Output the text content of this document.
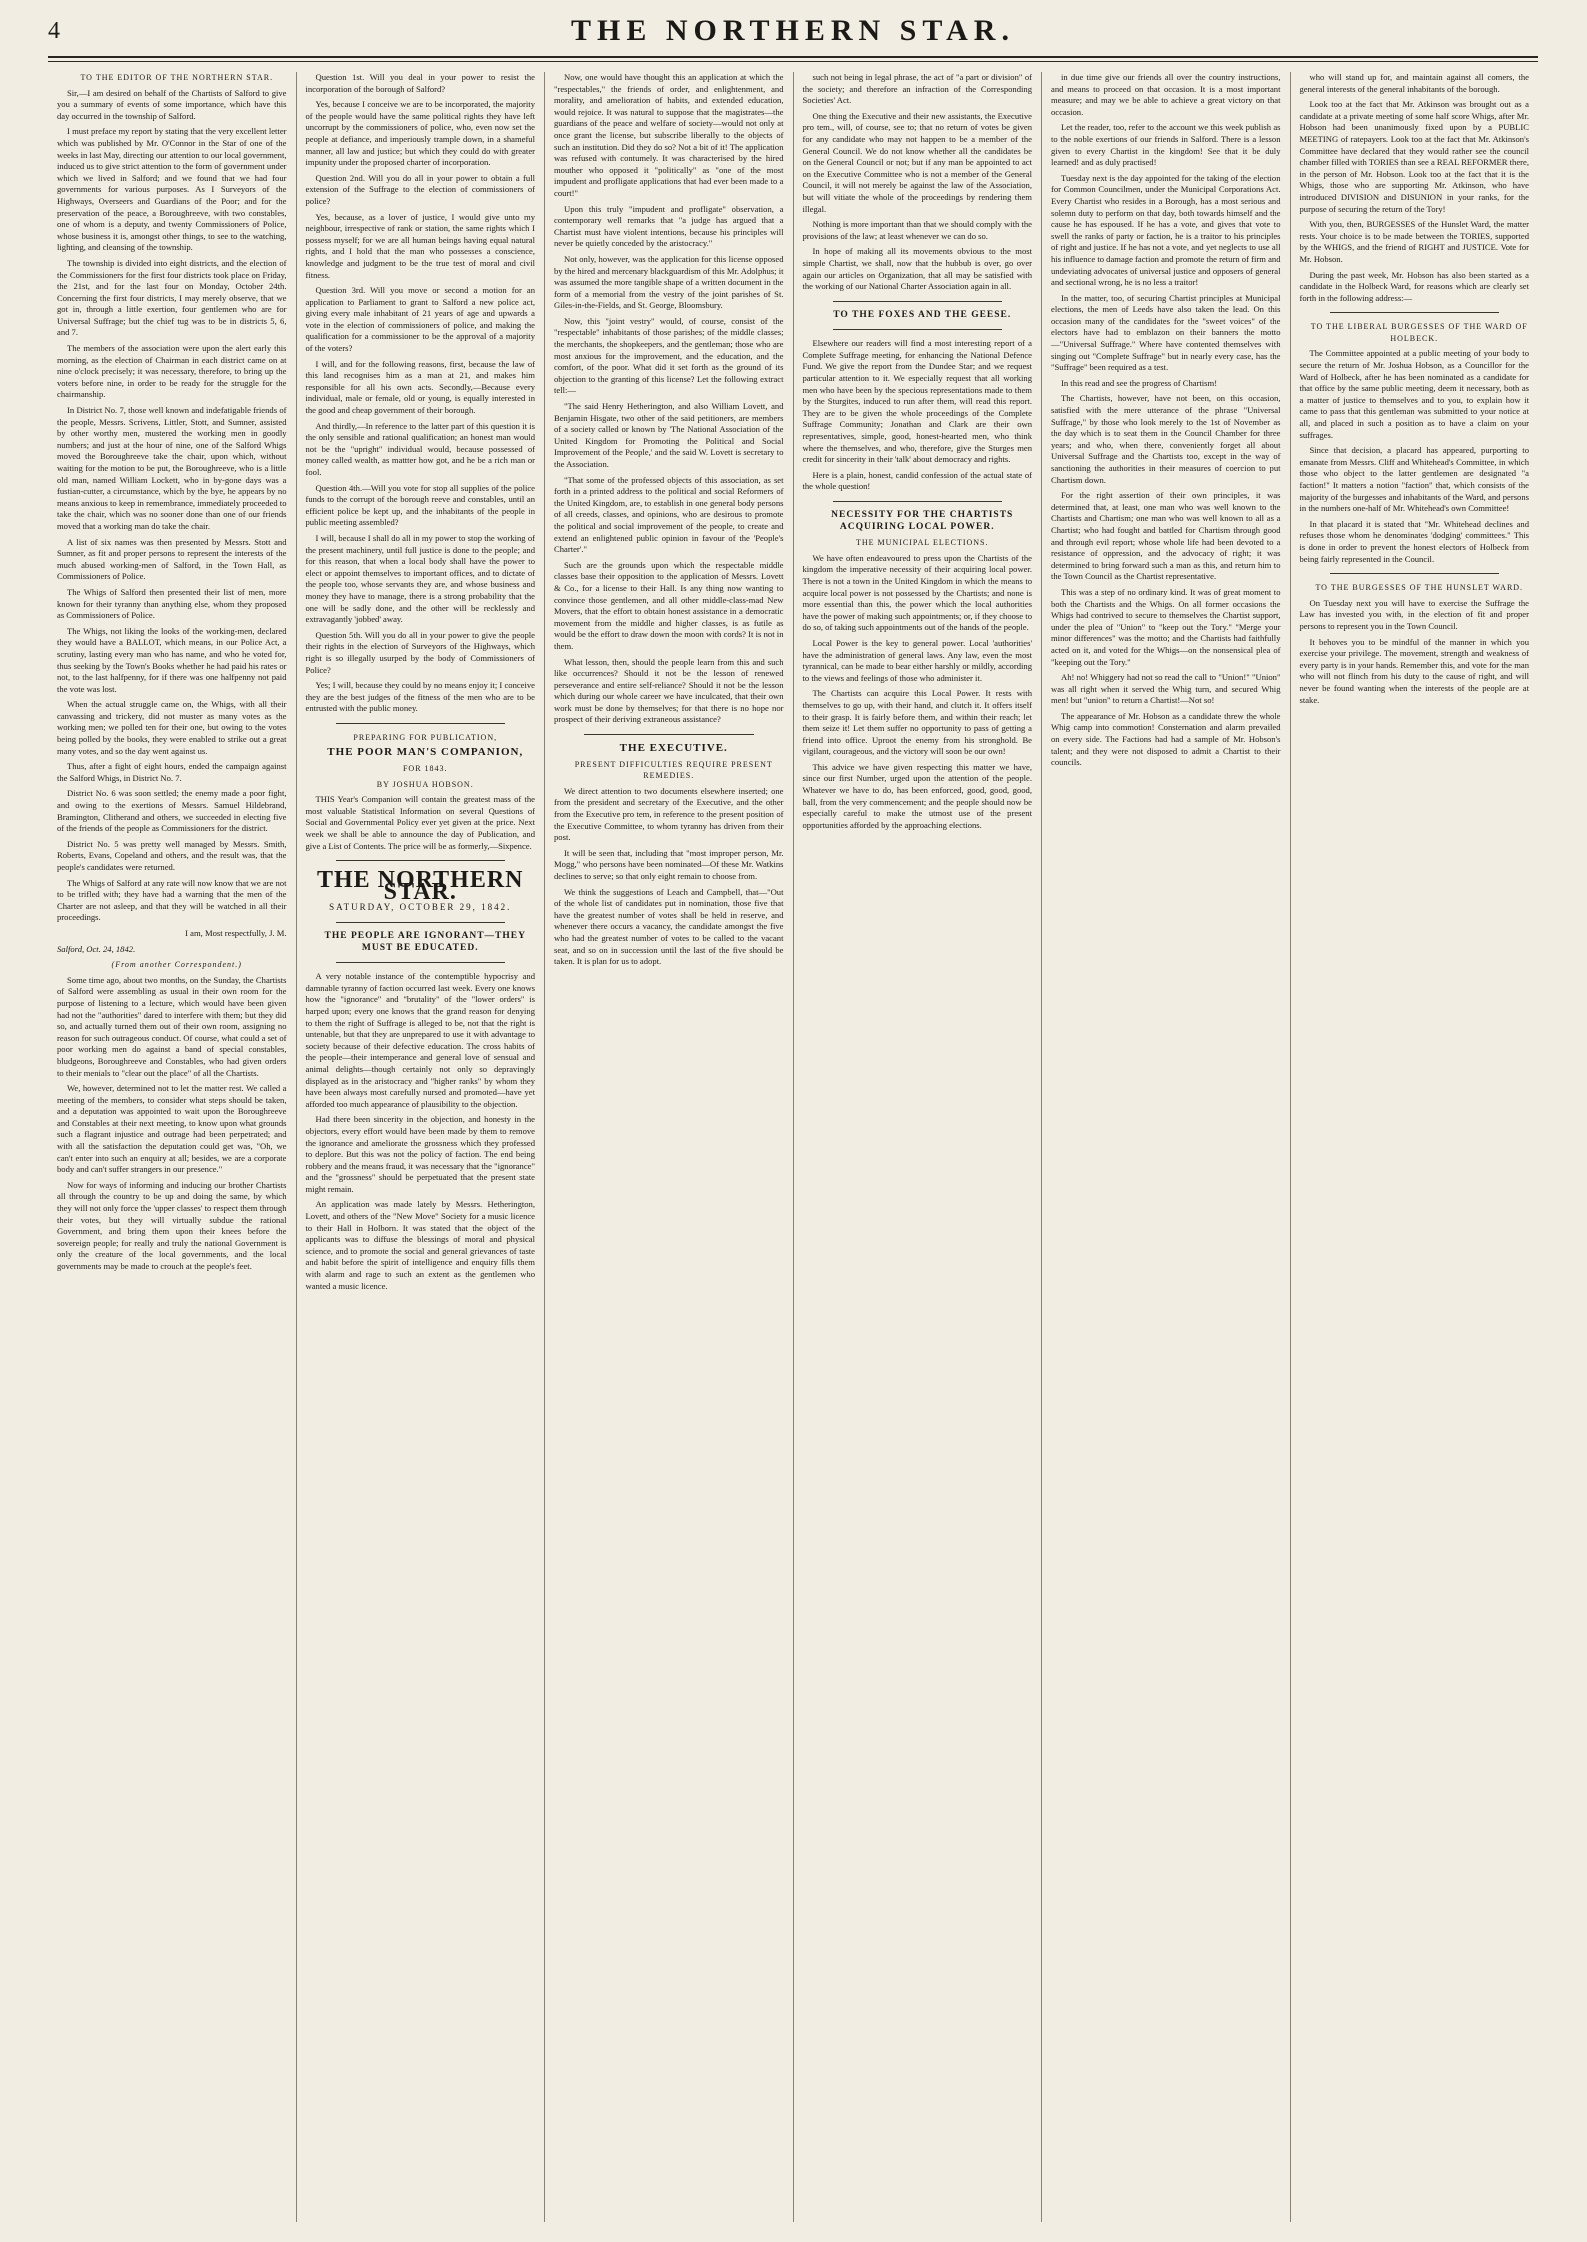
4	THE NORTHERN STAR.

TO THE EDITOR OF THE NORTHERN STAR.

Sir,—I am desired on behalf of the Chartists of Salford to give you a summary of events of some importance, which have this day occurred in the township of Salford.

I must preface my report by stating that the very excellent letter which was published by Mr. O'Connor in the Star of one of the weeks in last May, directing our attention to our local government, induced us to give strict attention to the form of government under which we lived in Salford; and we found that we had four governments for various purposes. As I Surveyors of the Highways, Overseers and Guardians of the Poor; and for the preservation of the peace, a Boroughreeve, with two constables, one of whom is a deputy, and twenty Commissioners of Police, whose business it is, amongst other things, to see to the watching, lighting, and cleansing of the township.

The township is divided into eight districts, and the election of the Commissioners for the first four districts took place on Friday, the 21st, and for the last four on Monday, October 24th. Concerning the first four districts, I may merely observe, that we got in, through a little exertion, four gentlemen who are for Universal Suffrage; but the chief tug was to be in districts 5, 6, and 7.

The members of the association were upon the alert early this morning, as the election of Chairman in each district came on at nine o'clock precisely; it was necessary, therefore, to bring up the voters before nine, in order to be ready for the struggle for the chairmanship.

In District No. 7, those well known and indefatigable friends of the people, Messrs. Scrivens, Littler, Stott, and Sumner, assisted by other worthy men, mustered the working men in goodly numbers; and just at the hour of nine, one of the Salford Whigs moved the Boroughreeve take the chair, upon which, without waiting for the motion to be put, the Boroughreeve, who is a little old man, named William Lockett, who in by-gone days was a fustian-cutter, a circumstance, which by the bye, he appears by no means anxious to keep in remembrance, immediately proceeded to take the chair, which was no sooner done than one of our friends moved that a working man do take the chair.

A list of six names was then presented by Messrs. Stott and Sumner, as fit and proper persons to represent the interests of the much abused working-men of Salford, in the Town Hall, as Commissioners of Police.

The Whigs of Salford then presented their list of men, more known for their tyranny than anything else, whom they proposed as Commissioners of Police.

The Whigs, not liking the looks of the working-men, declared they would have a BALLOT, which means, in our Police Act, a scrutiny, lasting every man who has name, and who he voted for, thus seeking by the Town's Books whether he had paid his rates or not, to the last halfpenny, for if there was one halfpenny not paid the vote was lost.

When the actual struggle came on, the Whigs, with all their canvassing and trickery, did not muster as many votes as the working men; we polled ten for their one, but owing to the votes being polled by the books, they were enabled to strike out a great many votes, and so the day went against us.

Thus, after a fight of eight hours, ended the campaign against the Salford Whigs, in District No. 7.

District No. 6 was soon settled; the enemy made a poor fight, and owing to the exertions of Messrs. Samuel Hildebrand, Bramington, Clitherand and others, we succeeded in electing five of the friends of the people as Commissioners for the district.

District No. 5 was pretty well managed by Messrs. Smith, Roberts, Evans, Copeland and others, and the result was, that the people's candidates were returned.

The Whigs of Salford at any rate will now know that we are not to be trifled with; they have had a warning that the men of the Charter are not asleep, and that they will be watched in all their proceedings.

I am, Most respectfully, J. M.

Salford, Oct. 24, 1842.

(From another Correspondent.)

Some time ago, about two months, on the Sunday, the Chartists of Salford were assembling as usual in their own room for the purpose of listening to a lecture, which would have been given had not the "authorities" dared to interfere with them; but they did so, and actually turned them out of their own room, assigning no reason for such outrageous conduct. Of course, what could a set of poor working men do against a band of special constables, bludgeons, Boroughreeve and Constables, who had given orders to their menials to "clear out the place" of all the Chartists.

We, however, determined not to let the matter rest. We called a meeting of the members, to consider what steps should be taken, and a deputation was appointed to wait upon the Boroughreeve and Constables at their next meeting, to know upon what grounds such a flagrant injustice and outrage had been perpetrated; and with all the satisfaction the deputation could get was, "Oh, we can't enter into such an enquiry at all; besides, we are a corporate body and can't suffer strangers in our presence."

Now for ways of informing and inducing our brother Chartists all through the country to be up and doing the same, by which they will not only force the 'upper classes' to respect them through their votes, but they will virtually subdue the rational Government, and bring them upon their knees before the sovereign people; for really and truly the national Government is only the creature of the local governments, and the local governments may be made to crouch at the people's feet.

Question 1st. Will you deal in your power to resist the incorporation of the borough of Salford?

Yes, because I conceive we are to be incorporated, the majority of the people would have the same political rights they have left uncorrupt by the commissioners of police, who, even now set the people at defiance, and imperiously trample down, in a shameful manner, all law and justice; but which they could do with greater impunity under the proposed charter of incorporation.

Question 2nd. Will you do all in your power to obtain a full extension of the Suffrage to the election of commissioners of police?

Yes, because, as a lover of justice, I would give unto my neighbour, irrespective of rank or station, the same rights which I possess myself; for we are all human beings having equal natural rights, and I hold that the man who possesses a conscience, knowledge and judgment to be the true test of moral and civil fitness.

Question 3rd. Will you move or second a motion for an application to Parliament to grant to Salford a new police act, giving every male inhabitant of 21 years of age and upwards a vote in the election of commissioners of police, and making the qualification for a commissioner to be the approval of a majority of the voters?

I will, and for the following reasons, first, because the law of this land recognises him as a man at 21, and makes him responsible for all his own acts. Secondly,—Because every individual, male or female, old or young, is equally interested in the good and cheap government of their borough.

And thirdly,—In reference to the latter part of this question it is the only sensible and rational qualification; an honest man would not be the "upright" individual would, because possessed of money called wealth, as mattter how got, and he be a rich man or fool.

Question 4th.—Will you vote for stop all supplies of the police funds to the corrupt of the borough reeve and constables, until an efficient police be kept up, and the inhabitants of the people in public meeting assembled?

I will, because I shall do all in my power to stop the working of the present machinery, until full justice is done to the people; and for this reason, that when a local body shall have the power to elect or appoint themselves to important offices, and to dictate of the people too, whose servants they are, and whose business and money they have to manage, there is a strong probability that the one will be sadly done, and the other will be recklessly and extravagantly 'jobbed' away.

Question 5th. Will you do all in your power to give the people their rights in the election of Surveyors of the Highways, which right is so illegally usurped by the body of Commissioners of Police?

Yes; I will, because they could by no means enjoy it; I conceive they are the best judges of the fitness of the men who are to be entrusted with the public money.

PREPARING FOR PUBLICATION,

THE POOR MAN'S COMPANION,

FOR 1843.

BY JOSHUA HOBSON.

THIS Year's Companion will contain the greatest mass of the most valuable Statistical Information on several Questions of Social and Governmental Policy ever yet given at the price. Next week we shall be able to announce the day of Publication, and give a List of Contents. The price will be as formerly,—Sixpence.

THE NORTHERN STAR.
SATURDAY, OCTOBER 29, 1842.

THE PEOPLE ARE IGNORANT—THEY MUST BE EDUCATED.

A very notable instance of the contemptible hypocrisy and damnable tyranny of faction occurred last week. Every one knows how the "ignorance" and "brutality" of the "lower orders" is harped upon; every one knows that the grand reason for denying to them the right of Suffrage is alleged to be, not that the right is untenable, but that they are unprepared to use it with advantage to society because of their defective education. The cross habits of the people—their intemperance and general love of sensual and animal delights—though certainly not only so depravingly displayed as in the aristocracy and "higher ranks" by whom they have been always most carefully nursed and promoted—have yet afforded too much appearance of plausibility to the objection.

Had there been sincerity in the objection, and honesty in the objectors, every effort would have been made by them to remove the ignorance and ameliorate the grossness which they professed to deplore. But this was not the policy of faction. The end being robbery and the means fraud, it was necessary that the "ignorance" and the "grossness" should be perpetuated that the present state might remain.

An application was made lately by Messrs. Hetherington, Lovett, and others of the "New Move" Society for a music licence to their Hall in Holborn. It was stated that the object of the applicants was to diffuse the blessings of moral and physical science, and to promote the social and general grievances of taste and habit before the spirit of intelligence and enquiry fills them with alarm and rage to such an extent as the gentlemen who wanted a music licence.

Now, one would have thought this an application at which the "respectables," the friends of order, and enlightenment, and morality, and amelioration of habits, and extended education, would rejoice. It was natural to suppose that the magistrates—the guardians of the peace and welfare of society—would not only at once grant the license, but subscribe liberally to the objects of such an institution. Did they do so? Not a bit of it! The application was refused with contumely. It was characterised by the hired mouther who opposed it "politically" as "one of the most impudent and profligate applications that had ever been made to a court!"

Upon this truly "impudent and profligate" observation, a contemporary well remarks that "a judge has argued that a Chartist must have violent intentions, because his principles will never be quietly conceded by the aristocracy."

Not only, however, was the application for this license opposed by the hired and mercenary blackguardism of this Mr. Adolphus; it was assumed the more tangible shape of a written document in the form of a memorial from the vestry of the joint parishes of St. Giles-in-the-Fields, and St. George, Bloomsbury.

Now, this "joint vestry" would, of course, consist of the "respectable" inhabitants of those parishes; of the middle classes; the merchants, the shopkeepers, and the gentleman; those who are most anxious for the improvement, and the education, and the comfort, of the poor. What did it set forth as the ground of its objection to the granting of this license? Let the following extract tell:—

"The said Henry Hetherington, and also William Lovett, and Benjamin Hisgate, two other of the said petitioners, are members of a society called or known by 'The National Association of the United Kingdom for Promoting the Political and Social Improvement of the People,' and the said W. Lovett is secretary to the Association.

"That some of the professed objects of this association, as set forth in a printed address to the political and social Reformers of the United Kingdom, are, to establish in one general body persons of all creeds, classes, and opinions, who are desirous to promote the political and social improvement of the people, to create and extend an enlightened public opinion in favour of the 'People's Charter'."

Such are the grounds upon which the respectable middle classes base their opposition to the application of Messrs. Lovett & Co., for a license to their Hall. Is any thing now wanting to convince those gentlemen, and all other middle-class-mad New Movers, that the effort to obtain honest assistance in a democratic movement from the middle and higher classes, is as futile as would be the effort to draw down the moon with cords? It is not in them.

What lesson, then, should the people learn from this and such like occurrences? Should it not be the lesson of renewed perseverance and entire self-reliance? Should it not be the lesson which during our whole career we have inculcated, that their own work must be done by themselves; for that there is no hope nor prospect of their deriving extraneous assistance?

THE EXECUTIVE.

PRESENT DIFFICULTIES REQUIRE PRESENT REMEDIES.

We direct attention to two documents elsewhere inserted; one from the president and secretary of the Executive, and the other from the Executive pro tem, in reference to the present position of the Executive Committee, to whom tyranny has driven from their post.

It will be seen that, including that "most improper person, Mr. Mogg," who persons have been nominated—Of these Mr. Watkins declines to serve; so that only eight remain to choose from.

We think the suggestions of Leach and Campbell, that—"Out of the whole list of candidates put in nomination, those five that have the greatest number of votes shall be held in reserve, and whenever there occurs a vacancy, the candidate amongst the five who had the greatest number of votes to be called to the vacant seat, and so on in succession until the last of the five should be taken. It is plan for us to adopt.

such not being in legal phrase, the act of "a part or division" of the society; and therefore an infraction of the Corresponding Societies' Act.

One thing the Executive and their new assistants, the Executive pro tem., will, of course, see to; that no return of votes be given for any candidate who may not happen to be a member of the General Council. We do not know whether all the candidates be on the General Council or not; but if any man be appointed to act on the Executive Committee who is not a member of the General Council, it will not merely be against the law of the Association, but will vitiate the whole of the proceedings by rendering them illegal.

Nothing is more important than that we should comply with the provisions of the law; at least whenever we can do so.

In hope of making all its movements obvious to the most simple Chartist, we shall, now that the hubbub is over, go over again our articles on Organization, that all may be satisfied with the working of our National Charter Association again in all.

TO THE FOXES AND THE GEESE.

Elsewhere our readers will find a most interesting report of a Complete Suffrage meeting, for enhancing the National Defence Fund. We give the report from the Dundee Star; and we request particular attention to it. We especially request that all working men who have been by the specious representations made to them by the Sturgites, induced to run after them, will read this report. They are to be given the whole proceedings of the Complete Suffrage Community; Jonathan and Clark are their own representatives, simple, good, honest-hearted men, who think where the themselves, and who, therefore, give the Sturges men credit for sincerity in their 'talk' about democracy and rights.

Here is a plain, honest, candid confession of the actual state of the whole question!

NECESSITY FOR THE CHARTISTS ACQUIRING LOCAL POWER.

THE MUNICIPAL ELECTIONS.

We have often endeavoured to press upon the Chartists of the kingdom the imperative necessity of their acquiring local power. There is not a town in the United Kingdom in which the means to acquire local power is not possessed by the Chartists; and none is more essential than this, the power which the local authorities have the power of making such appointments; or, if they choose to do so, of taking such appointments out of the hands of the people.

Local Power is the key to general power. Local 'authorities' have the administration of general laws. Any law, even the most tyrannical, can be made to bear either harshly or mildly, according to the views and feelings of those who administer it.

The Chartists can acquire this Local Power. It rests with themselves to go up, with their hand, and clutch it. It offers itself to their grasp. It is fairly before them, and within their reach; let them seize it! Let them suffer no opportunity to pass of getting a friend into office. Uproot the enemy from his stronghold. Be vigilant, courageous, and the victory will soon be our own!

This advice we have given respecting this matter we have, since our first Number, urged upon the attention of the people. Whatever we have to do, has been enforced, good, good, good, ball, from the very commencement; and the people should now be especially careful to make the utmost use of the present opportunities afforded by the approaching elections.

in due time give our friends all over the country instructions, and means to proceed on that occasion. It is a most important measure; and may we be able to achieve a great victory on that occasion.

Let the reader, too, refer to the account we this week publish as to the noble exertions of our friends in Salford. There is a lesson given to every Chartist in the kingdom! See that it be duly learned! and as duly practised!

Tuesday next is the day appointed for the taking of the election for Common Councilmen, under the Municipal Corporations Act. Every Chartist who resides in a Borough, has a most serious and solemn duty to perform on that day, both towards himself and the cause he has espoused. If he has a vote, and gives that vote to swell the ranks of party or faction, he is a traitor to his principles of right and justice. If he has not a vote, and yet neglects to use all his influence to damage faction and promote the return of firm and undeviating advocates of universal justice and opposers of general and sectional wrong, he is no less a traitor!

In the matter, too, of securing Chartist principles at Municipal elections, the men of Leeds have also taken the lead. On this occasion many of the candidates for the "sweet voices" of the electors have had to emblazon on their banners the motto—"Universal Suffrage." Where have contented themselves with singing out "Complete Suffrage" but in nearly every case, has the "Suffrage" been required as a test.

In this read and see the progress of Chartism!

The Chartists, however, have not been, on this occasion, satisfied with the mere utterance of the phrase "Universal Suffrage," by those who look merely to the 1st of November as the day which is to seat them in the Council Chamber for three years; and who, when there, conveniently forget all about Universal Suffrage and the Chartists too, except in the way of sanctioning the authorities in their measures of coercion to put Chartism down.

For the right assertion of their own principles, it was determined that, at least, one man who was well known to the Chartists and Chartism; one man who was well known to all as a Chartist; who had fought and battled for Chartism through good and through evil report; whose whole life had been devoted to a resistance of oppression, and the advocacy of right; it was determined to bring forward such a man as this, and return him to the Town Council as the Chartist representative.

This was a step of no ordinary kind. It was of great moment to both the Chartists and the Whigs. On all former occasions the Whigs had contrived to secure to themselves the Chartist support, under the plea of "Union" to "keep out the Tory." "Merge your minor differences" was the motto; and the Chartists had faithfully acted on it, and voted for the Whigs—on the nonsensical plea of "keeping out the Tory."

Ah! no! Whiggery had not so read the call to "Union!" "Union" was all right when it served the Whig turn, and secured Whig men! but "union" to return a Chartist!—Not so!

The appearance of Mr. Hobson as a candidate threw the whole Whig camp into commotion! Consternation and alarm prevailed on every side. The Factions had had a sample of Mr. Hobson's talent; and they were not disposed to admit a Chartist to their councils.

who will stand up for, and maintain against all comers, the general interests of the general inhabitants of the borough.

Look too at the fact that Mr. Atkinson was brought out as a candidate at a private meeting of some half score Whigs, after Mr. Hobson had been unanimously fixed upon by a PUBLIC MEETING of ratepayers. Look too at the fact that Mr. Atkinson's Committee have declared that they would rather see the council chamber filled with TORIES than see a REAL REFORMER there, in the person of Mr. Hobson. Look too at the fact that it is the Whigs, those who are supporting Mr. Atkinson, who have introduced DIVISION and DISUNION in your ranks, for the purpose of securing the return of the Tory!

With you, then, BURGESSES of the Hunslet Ward, the matter rests. Your choice is to be made between the TORIES, supported by the WHIGS, and the friend of RIGHT and JUSTICE. Vote for Mr. Hobson.

During the past week, Mr. Hobson has also been started as a candidate in the Holbeck Ward, for reasons which are clearly set forth in the following address:—

TO THE LIBERAL BURGESSES OF THE WARD OF HOLBECK.

The Committee appointed at a public meeting of your body to secure the return of Mr. Joshua Hobson, as a Councillor for the Ward of Holbeck, after he has been nominated as a candidate for that office by the same public meeting, deem it necessary, both as a matter of justice to themselves and to you, to explain how it came to pass that this gentleman was submitted to your notice at all, and placed in such a position as to have a claim on your suffrages.

Since that decision, a placard has appeared, purporting to emanate from Messrs. Cliff and Whitehead's Committee, in which those who object to the latter gentlemen are designated "a faction!" It matters a notion "faction" that, which consists of the majority of the burgesses and inhabitants of the Ward, and persons in the numbers one-half of Mr. Whitehead's own Committee!

In that placard it is stated that "Mr. Whitehead declines and refuses those whom he denominates 'dodging' committees." This is done in order to prevent the honest electors of Holbeck from being fairly represented in the Council.

TO THE BURGESSES OF THE HUNSLET WARD.

On Tuesday next you will have to exercise the Suffrage the Law has invested you with, in the election of fit and proper persons to represent you in the Town Council.

It behoves you to be mindful of the manner in which you exercise your privilege. The movement, strength and weakness of every party is in your hands. Remember this, and vote for the man who will not flinch from his duty to the cause of right, and will never be found wanting when the interests of the people are at stake.
